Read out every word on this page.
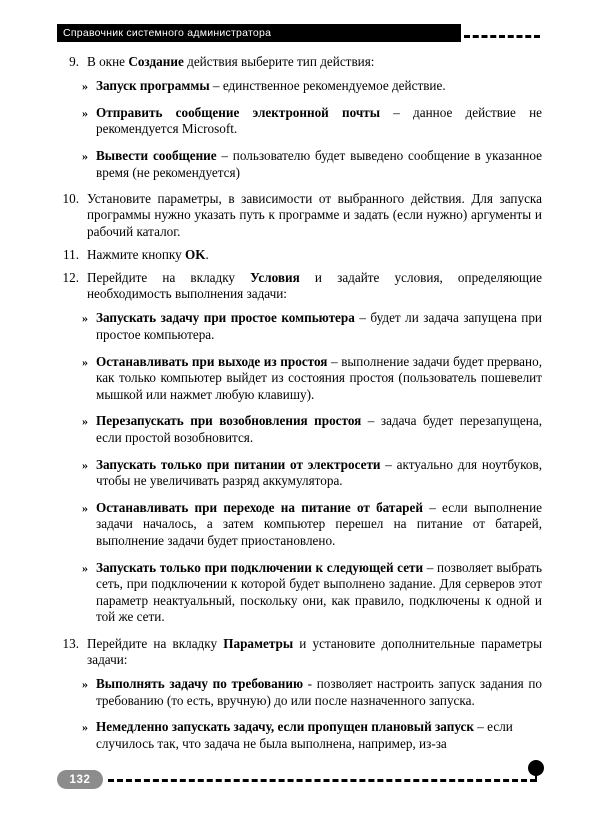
Справочник системного администратора
9. В окне Создание действия выберите тип действия:
» Запуск программы – единственное рекомендуемое действие.
» Отправить сообщение электронной почты – данное действие не рекомендуется Microsoft.
» Вывести сообщение – пользователю будет выведено сообщение в указанное время (не рекомендуется)
10. Установите параметры, в зависимости от выбранного действия. Для запуска программы нужно указать путь к программе и задать (если нужно) аргументы и рабочий каталог.
11. Нажмите кнопку OK.
12. Перейдите на вкладку Условия и задайте условия, определяющие необходимость выполнения задачи:
» Запускать задачу при простое компьютера – будет ли задача запущена при простое компьютера.
» Останавливать при выходе из простоя – выполнение задачи будет прервано, как только компьютер выйдет из состояния простоя (пользователь пошевелит мышкой или нажмет любую клавишу).
» Перезапускать при возобновления простоя – задача будет перезапущена, если простой возобновится.
» Запускать только при питании от электросети – актуально для ноутбуков, чтобы не увеличивать разряд аккумулятора.
» Останавливать при переходе на питание от батарей – если выполнение задачи началось, а затем компьютер перешел на питание от батарей, выполнение задачи будет приостановлено.
» Запускать только при подключении к следующей сети – позволяет выбрать сеть, при подключении к которой будет выполнено задание. Для серверов этот параметр неактуальный, поскольку они, как правило, подключены к одной и той же сети.
13. Перейдите на вкладку Параметры и установите дополнительные параметры задачи:
» Выполнять задачу по требованию - позволяет настроить запуск задания по требованию (то есть, вручную) до или после назначенного запуска.
» Немедленно запускать задачу, если пропущен плановый запуск – если случилось так, что задача не была выполнена, например, из-за
132
